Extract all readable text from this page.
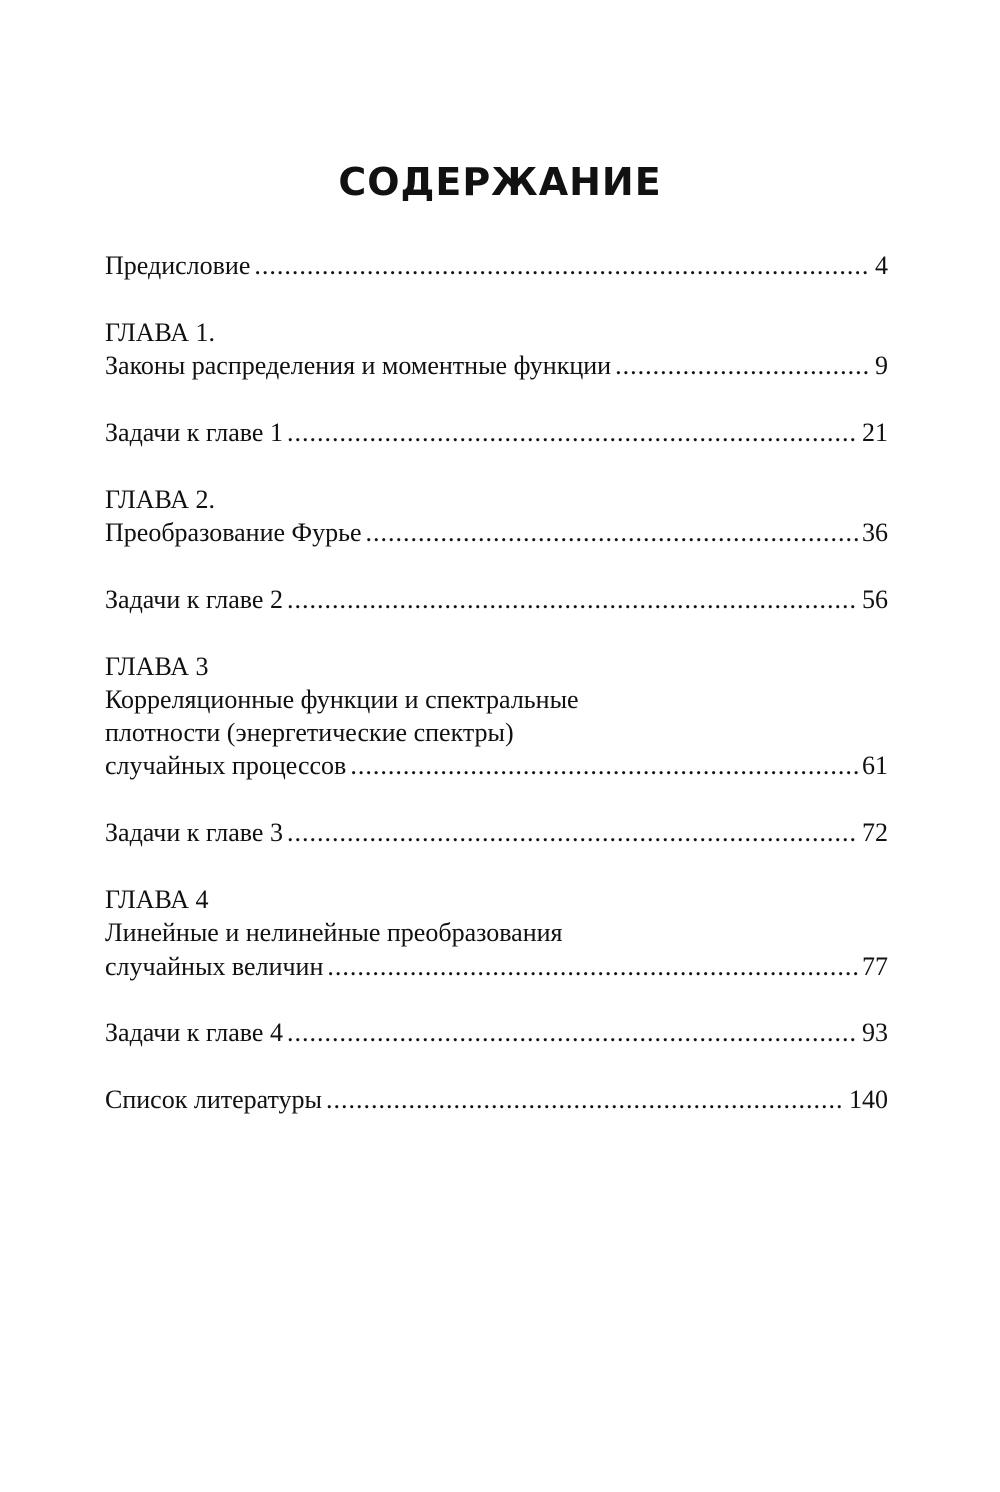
СОДЕРЖАНИЕ
Предисловие .....	4
ГЛАВА 1.
Законы распределения и моментные функции .....	9
Задачи к главе 1 .....	21
ГЛАВА 2.
Преобразование Фурье .....	36
Задачи к главе 2 .....	56
ГЛАВА 3
Корреляционные функции и спектральные
плотности (энергетические спектры)
случайных процессов .....	61
Задачи к главе 3 .....	72
ГЛАВА 4
Линейные и нелинейные преобразования
случайных величин .....	77
Задачи к главе 4 .....	93
Список литературы .....	140
